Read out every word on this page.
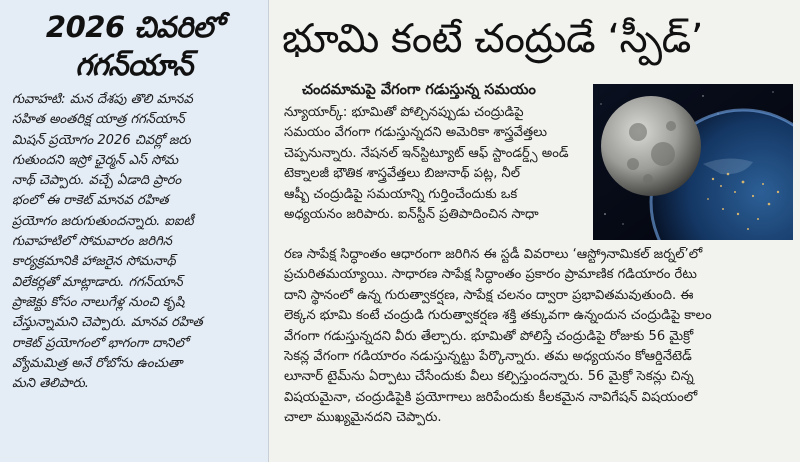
2026 చివరిలో
గగన్‌యాన్
గువాహటి: మన దేశపు తొలి మానవ
సహిత అంతరిక్ష యాత్ర గగన్‌యాన్
మిషన్ ప్రయోగం 2026 చివర్లో జరు
గుతుందని ఇస్రో ఛైర్మన్ ఎస్ సోమ
నాథ్ చెప్పారు. వచ్చే ఏడాది ప్రారం
భంలో ఈ రాకెట్ మానవ రహిత
ప్రయోగం జరుగుతుందన్నారు. ఐఐటీ
గువాహటిలో సోమవారం జరిగిన
కార్యక్రమానికి హాజరైన సోమనాథ్
విలేకర్లతో మాట్లాడారు. గగన్‌యాన్
ప్రాజెక్టు కోసం నాలుగేళ్ల నుంచి కృషి
చేస్తున్నామని చెప్పారు. మానవ రహిత
రాకెట్ ప్రయోగంలో భాగంగా దానిలో
వ్యోమమిత్ర అనే రోబోను ఉంచుతా
మని తెలిపారు.
భూమి కంటే చంద్రుడే ‘స్పీడ్’
చందమామపై వేగంగా గడుస్తున్న సమయం
న్యూయార్క్: భూమితో పోల్చినప్పుడు చంద్రుడిపై
సమయం వేగంగా గడుస్తున్నదని అమెరికా శాస్త్రవేత్తలు
చెప్పనున్నారు. నేషనల్ ఇన్‌స్టిట్యూట్ ఆఫ్ స్టాండర్డ్స్ అండ్
టెక్నాలజీ భౌతిక శాస్త్రవేత్తలు బిజునాథ్ పట్ల, నీల్
ఆష్బీ చంద్రుడిపై సమయాన్ని గుర్తించేందుకు ఒక
అధ్యయనం జరిపారు. ఐన్‌స్టీన్ ప్రతిపాదించిన సాధా
రణ సాపేక్ష సిద్ధాంతం ఆధారంగా జరిగిన ఈ స్టడీ వివరాలు ‘ఆస్ట్రోనామికల్ జర్నల్’లో
ప్రచురితమయ్యాయి. సాధారణ సాపేక్ష సిద్ధాంతం ప్రకారం ప్రామాణిక గడియారం రేటు
దాని స్థానంలో ఉన్న గురుత్వాకర్షణ, సాపేక్ష చలనం ద్వారా ప్రభావితమవుతుంది. ఈ
లెక్కన భూమి కంటే చంద్రుడి గురుత్వాకర్షణ శక్తి తక్కువగా ఉన్నందున చంద్రుడిపై కాలం
వేగంగా గడుస్తున్నదని వీరు తేల్చారు. భూమితో పోలిస్తే చంద్రుడిపై రోజుకు 56 మైక్రో
సెకన్ల వేగంగా గడియారం నడుస్తున్నట్టు పేర్కొన్నారు. తమ అధ్యయనం కోఆర్డినేటెడ్
లూనార్ టైమ్‌ను ఏర్పాటు చేసేందుకు వీలు కల్పిస్తుందన్నారు. 56 మైక్రో సెకన్లు చిన్న
విషయమైనా, చంద్రుడిపైకి ప్రయోగాలు జరిపేందుకు కీలకమైన నావిగేషన్ విషయంలో
చాలా ముఖ్యమైనదని చెప్పారు.
